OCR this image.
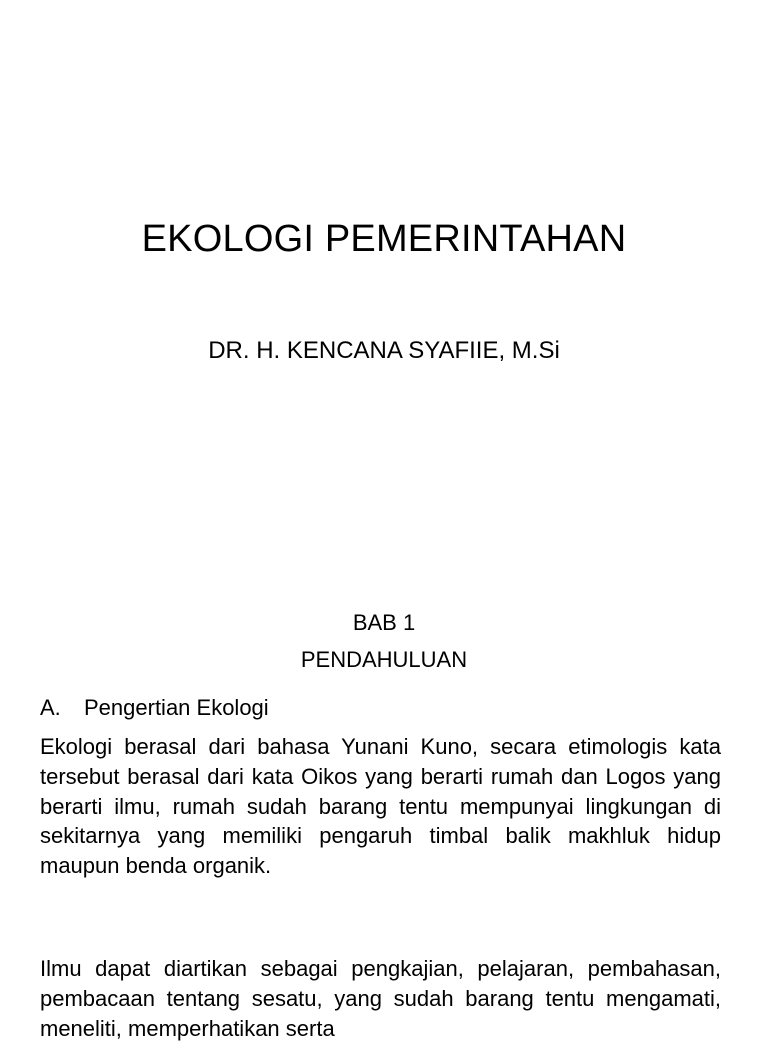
EKOLOGI PEMERINTAHAN
DR. H. KENCANA SYAFIIE, M.Si
BAB 1
PENDAHULUAN
A. Pengertian Ekologi
Ekologi berasal dari bahasa Yunani Kuno, secara etimologis kata tersebut berasal dari kata Oikos yang berarti rumah dan Logos yang berarti ilmu, rumah sudah barang tentu mempunyai lingkungan di sekitarnya yang memiliki pengaruh timbal balik makhluk hidup maupun benda organik.
Ilmu dapat diartikan sebagai pengkajian, pelajaran, pembahasan, pembacaan tentang sesatu, yang sudah barang tentu mengamati, meneliti, memperhatikan serta
